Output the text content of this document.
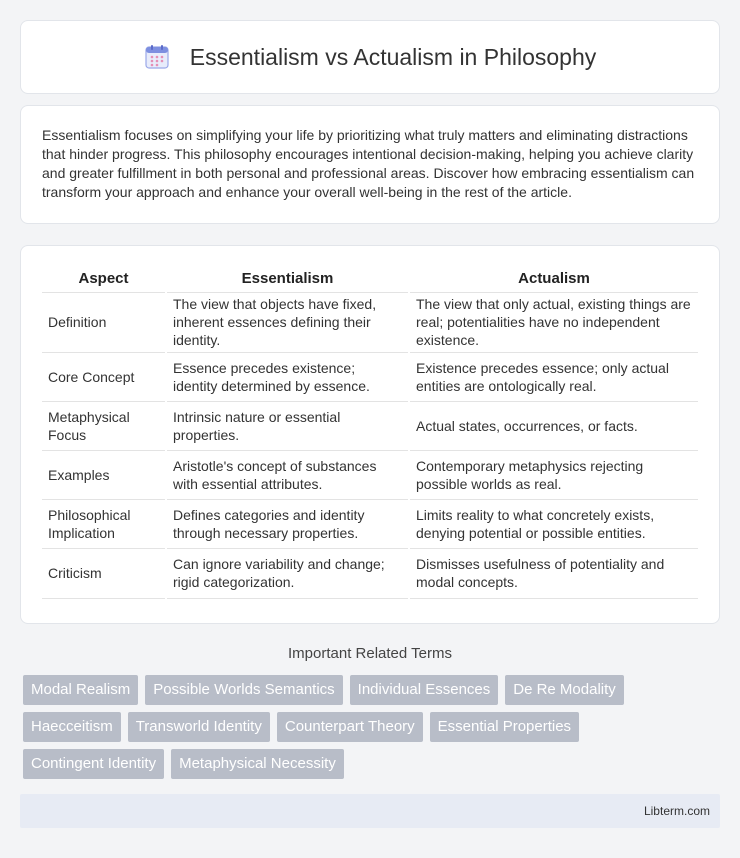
Essentialism vs Actualism in Philosophy

Essentialism focuses on simplifying your life by prioritizing what truly matters and eliminating distractions that hinder progress. This philosophy encourages intentional decision-making, helping you achieve clarity and greater fulfillment in both personal and professional areas. Discover how embracing essentialism can transform your approach and enhance your overall well-being in the rest of the article.

Aspect	Essentialism	Actualism
Definition	The view that objects have fixed, inherent essences defining their identity.	The view that only actual, existing things are real; potentialities have no independent existence.
Core Concept	Essence precedes existence; identity determined by essence.	Existence precedes essence; only actual entities are ontologically real.
Metaphysical Focus	Intrinsic nature or essential properties.	Actual states, occurrences, or facts.
Examples	Aristotle's concept of substances with essential attributes.	Contemporary metaphysics rejecting possible worlds as real.
Philosophical Implication	Defines categories and identity through necessary properties.	Limits reality to what concretely exists, denying potential or possible entities.
Criticism	Can ignore variability and change; rigid categorization.	Dismisses usefulness of potentiality and modal concepts.
Important Related Terms
Modal Realism	Possible Worlds Semantics	Individual Essences	De Re Modality
Haecceitism	Transworld Identity	Counterpart Theory	Essential Properties
Contingent Identity	Metaphysical Necessity
Libterm.com
